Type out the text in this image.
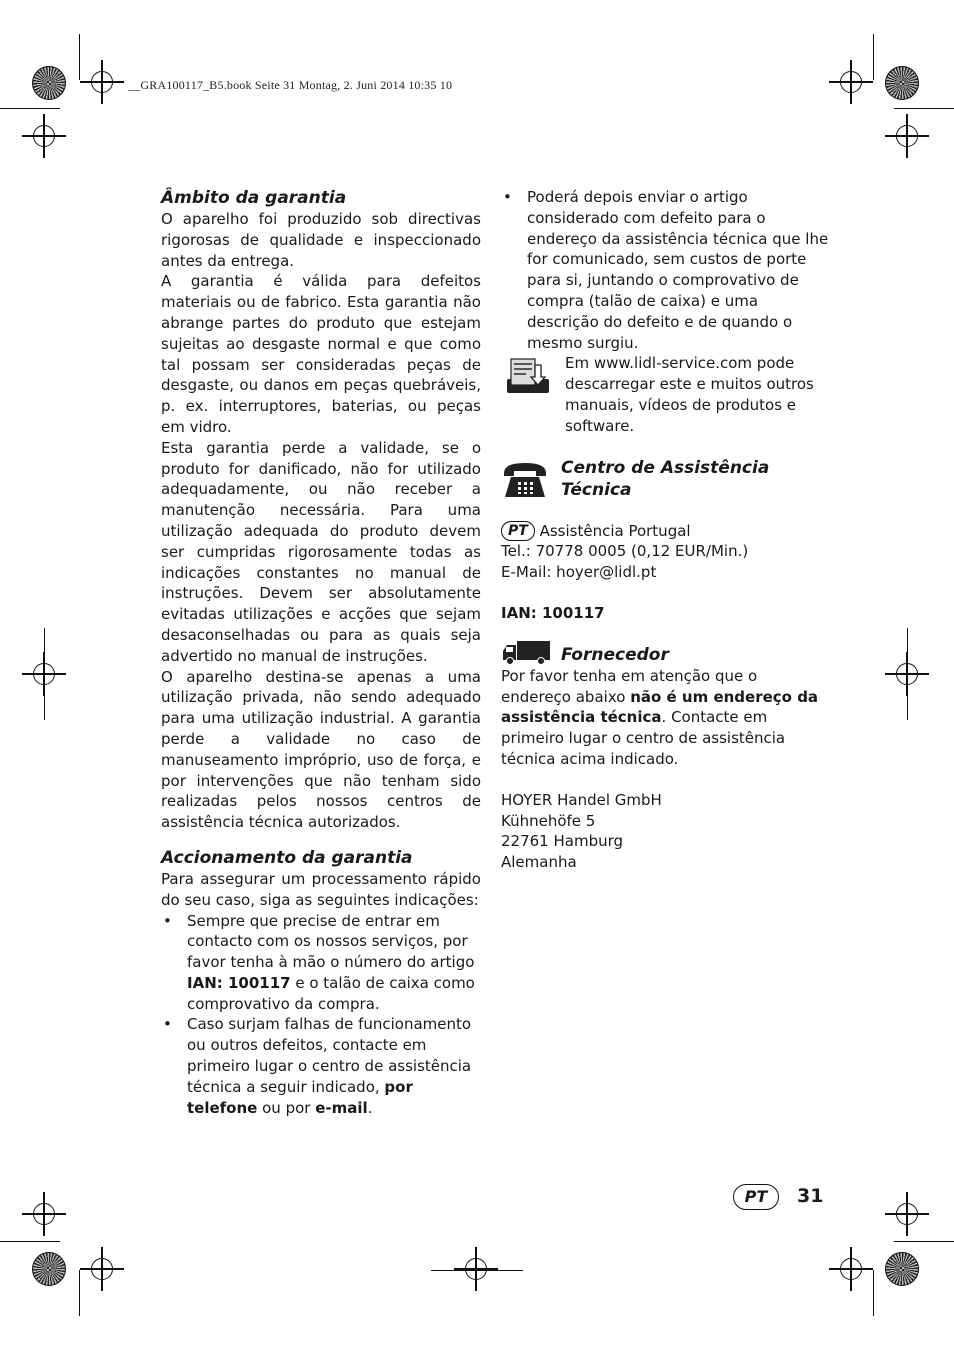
__GRA100117_B5.book Seite 31 Montag, 2. Juni 2014 10:35 10
Âmbito da garantia

O aparelho foi produzido sob directivas rigorosas de qualidade e inspeccionado antes da entrega.

A garantia é válida para defeitos materiais ou de fabrico. Esta garantia não abrange partes do produto que estejam sujeitas ao desgaste normal e que como tal possam ser consideradas peças de desgaste, ou danos em peças quebráveis, p. ex. interruptores, baterias, ou peças em vidro.

Esta garantia perde a validade, se o produto for danificado, não for utilizado adequadamente, ou não receber a manutenção necessária. Para uma utilização adequada do produto devem ser cumpridas rigorosamente todas as indicações constantes no manual de instruções. Devem ser absolutamente evitadas utilizações e acções que sejam desaconselhadas ou para as quais seja advertido no manual de instruções.

O aparelho destina-se apenas a uma utilização privada, não sendo adequado para uma utilização industrial. A garantia perde a validade no caso de manuseamento impróprio, uso de força, e por intervenções que não tenham sido realizadas pelos nossos centros de assistência técnica autorizados.

Accionamento da garantia

Para assegurar um processamento rápido do seu caso, siga as seguintes indicações:

• Sempre que precise de entrar em contacto com os nossos serviços, por favor tenha à mão o número do artigo
IAN: 100117 e o talão de caixa como comprovativo da compra.
• Caso surjam falhas de funcionamento ou outros defeitos, contacte em primeiro lugar o centro de assistência técnica a seguir indicado, por telefone ou por e-mail.
• Poderá depois enviar o artigo considerado com defeito para o endereço da assistência técnica que lhe for comunicado, sem custos de porte para si, juntando o comprovativo de compra (talão de caixa) e uma descrição do defeito e de quando o mesmo surgiu.

Em www.lidl-service.com pode descarregar este e muitos outros manuais, vídeos de produtos e software.

Centro de Assistência
Técnica

PT Assistência Portugal

Tel.: 70778 0005 (0,12 EUR/Min.)

E-Mail: hoyer@lidl.pt

IAN: 100117

Fornecedor

Por favor tenha em atenção que o endereço abaixo não é um endereço da assistência técnica. Contacte em primeiro lugar o centro de assistência técnica acima indicado.

HOYER Handel GmbH

Kühnehöfe 5

22761 Hamburg

Alemanha

PT	31
